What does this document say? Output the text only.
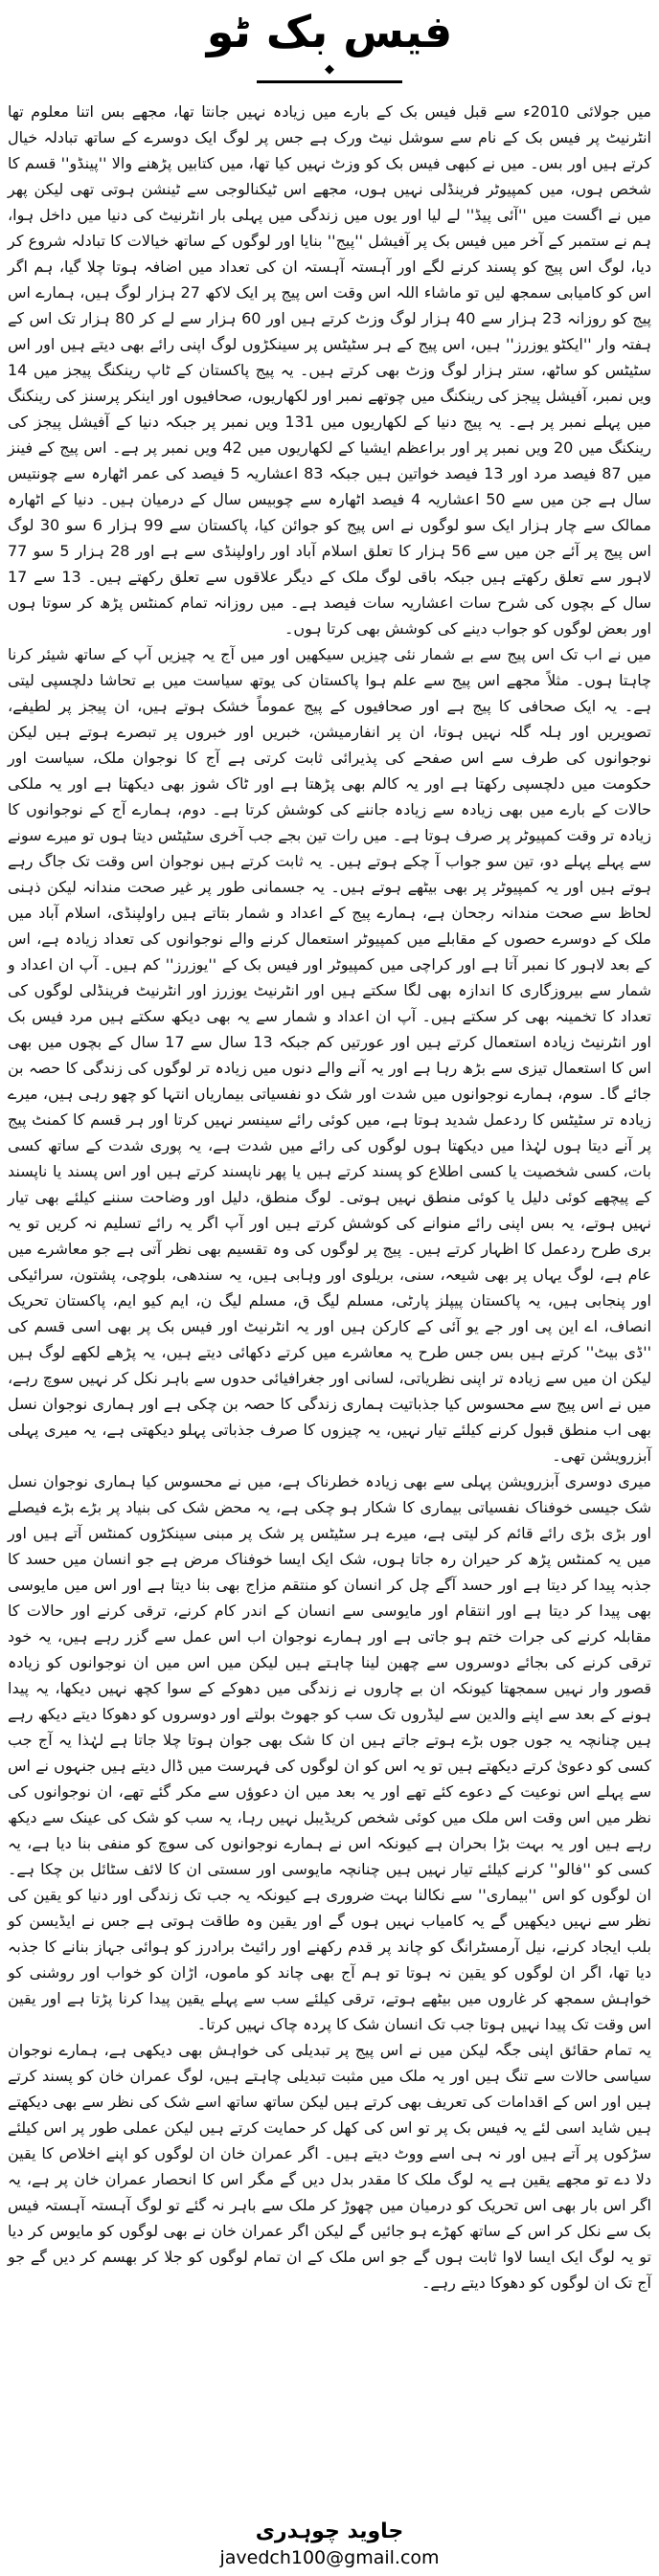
فیس بک ٹو
◆

میں جولائی 2010ء سے قبل فیس بک کے بارے میں زیادہ نہیں جانتا تھا، مجھے بس اتنا معلوم تھا انٹرنیٹ پر فیس بک کے نام سے سوشل نیٹ ورک ہے جس پر لوگ ایک دوسرے کے ساتھ تبادلہ خیال کرتے ہیں اور بس۔ میں نے کبھی فیس بک کو وزٹ نہیں کیا تھا، میں کتابیں پڑھنے والا ''پینڈو'' قسم کا شخص ہوں، میں کمپیوٹر فرینڈلی نہیں ہوں، مجھے اس ٹیکنالوجی سے ٹینشن ہوتی تھی لیکن پھر میں نے اگست میں ''آئی پیڈ'' لے لیا اور یوں میں زندگی میں پہلی بار انٹرنیٹ کی دنیا میں داخل ہوا، ہم نے ستمبر کے آخر میں فیس بک پر آفیشل ''پیج'' بنایا اور لوگوں کے ساتھ خیالات کا تبادلہ شروع کر دیا، لوگ اس پیج کو پسند کرنے لگے اور آہستہ آہستہ ان کی تعداد میں اضافہ ہوتا چلا گیا، ہم اگر اس کو کامیابی سمجھ لیں تو ماشاء اللہ اس وقت اس پیج پر ایک لاکھ 27 ہزار لوگ ہیں، ہمارے اس پیج کو روزانہ 23 ہزار سے 40 ہزار لوگ وزٹ کرتے ہیں اور 60 ہزار سے لے کر 80 ہزار تک اس کے ہفتہ وار ''ایکٹو یوزرز'' ہیں، اس پیج کے ہر سٹیٹس پر سینکڑوں لوگ اپنی رائے بھی دیتے ہیں اور اس سٹیٹس کو ساٹھ، ستر ہزار لوگ وزٹ بھی کرتے ہیں۔ یہ پیج پاکستان کے ٹاپ رینکنگ پیجز میں 14 ویں نمبر، آفیشل پیجز کی رینکنگ میں چوتھے نمبر اور لکھاریوں، صحافیوں اور اینکر پرسنز کی رینکنگ میں پہلے نمبر پر ہے۔ یہ پیج دنیا کے لکھاریوں میں 131 ویں نمبر پر جبکہ دنیا کے آفیشل پیجز کی رینکنگ میں 20 ویں نمبر پر اور براعظم ایشیا کے لکھاریوں میں 42 ویں نمبر پر ہے۔ اس پیج کے فینز میں 87 فیصد مرد اور 13 فیصد خواتین ہیں جبکہ 83 اعشاریہ 5 فیصد کی عمر اٹھارہ سے چونتیس سال ہے جن میں سے 50 اعشاریہ 4 فیصد اٹھارہ سے چوبیس سال کے درمیان ہیں۔ دنیا کے اٹھارہ ممالک سے چار ہزار ایک سو لوگوں نے اس پیج کو جوائن کیا، پاکستان سے 99 ہزار 6 سو 30 لوگ اس پیج پر آئے جن میں سے 56 ہزار کا تعلق اسلام آباد اور راولپنڈی سے ہے اور 28 ہزار 5 سو 77 لاہور سے تعلق رکھتے ہیں جبکہ باقی لوگ ملک کے دیگر علاقوں سے تعلق رکھتے ہیں۔ 13 سے 17 سال کے بچوں کی شرح سات اعشاریہ سات فیصد ہے۔ میں روزانہ تمام کمنٹس پڑھ کر سوتا ہوں اور بعض لوگوں کو جواب دینے کی کوشش بھی کرتا ہوں۔

میں نے اب تک اس پیج سے بے شمار نئی چیزیں سیکھیں اور میں آج یہ چیزیں آپ کے ساتھ شیئر کرنا چاہتا ہوں۔ مثلاً مجھے اس پیج سے علم ہوا پاکستان کی یوتھ سیاست میں بے تحاشا دلچسپی لیتی ہے۔ یہ ایک صحافی کا پیج ہے اور صحافیوں کے پیج عموماً خشک ہوتے ہیں، ان پیجز پر لطیفے، تصویریں اور ہلہ گلہ نہیں ہوتا، ان پر انفارمیشن، خبریں اور خبروں پر تبصرے ہوتے ہیں لیکن نوجوانوں کی طرف سے اس صفحے کی پذیرائی ثابت کرتی ہے آج کا نوجوان ملک، سیاست اور حکومت میں دلچسپی رکھتا ہے اور یہ کالم بھی پڑھتا ہے اور ٹاک شوز بھی دیکھتا ہے اور یہ ملکی حالات کے بارے میں بھی زیادہ سے زیادہ جاننے کی کوشش کرتا ہے۔ دوم، ہمارے آج کے نوجوانوں کا زیادہ تر وقت کمپیوٹر پر صرف ہوتا ہے۔ میں رات تین بجے جب آخری سٹیٹس دیتا ہوں تو میرے سونے سے پہلے پہلے دو، تین سو جواب آ چکے ہوتے ہیں۔ یہ ثابت کرتے ہیں نوجوان اس وقت تک جاگ رہے ہوتے ہیں اور یہ کمپیوٹر پر بھی بیٹھے ہوتے ہیں۔ یہ جسمانی طور پر غیر صحت مندانہ لیکن ذہنی لحاظ سے صحت مندانہ رجحان ہے، ہمارے پیج کے اعداد و شمار بتاتے ہیں راولپنڈی، اسلام آباد میں ملک کے دوسرے حصوں کے مقابلے میں کمپیوٹر استعمال کرنے والے نوجوانوں کی تعداد زیادہ ہے، اس کے بعد لاہور کا نمبر آتا ہے اور کراچی میں کمپیوٹر اور فیس بک کے ''یوزرز'' کم ہیں۔ آپ ان اعداد و شمار سے بیروزگاری کا اندازہ بھی لگا سکتے ہیں اور انٹرنیٹ یوزرز اور انٹرنیٹ فرینڈلی لوگوں کی تعداد کا تخمینہ بھی کر سکتے ہیں۔ آپ ان اعداد و شمار سے یہ بھی دیکھ سکتے ہیں مرد فیس بک اور انٹرنیٹ زیادہ استعمال کرتے ہیں اور عورتیں کم جبکہ 13 سال سے 17 سال کے بچوں میں بھی اس کا استعمال تیزی سے بڑھ رہا ہے اور یہ آنے والے دنوں میں زیادہ تر لوگوں کی زندگی کا حصہ بن جائے گا۔ سوم، ہمارے نوجوانوں میں شدت اور شک دو نفسیاتی بیماریاں انتہا کو چھو رہی ہیں، میرے زیادہ تر سٹیٹس کا ردعمل شدید ہوتا ہے، میں کوئی رائے سینسر نہیں کرتا اور ہر قسم کا کمنٹ پیج پر آنے دیتا ہوں لہٰذا میں دیکھتا ہوں لوگوں کی رائے میں شدت ہے، یہ پوری شدت کے ساتھ کسی بات، کسی شخصیت یا کسی اطلاع کو پسند کرتے ہیں یا پھر ناپسند کرتے ہیں اور اس پسند یا ناپسند کے پیچھے کوئی دلیل یا کوئی منطق نہیں ہوتی۔ لوگ منطق، دلیل اور وضاحت سننے کیلئے بھی تیار نہیں ہوتے، یہ بس اپنی رائے منوانے کی کوشش کرتے ہیں اور آپ اگر یہ رائے تسلیم نہ کریں تو یہ بری طرح ردعمل کا اظہار کرتے ہیں۔ پیج پر لوگوں کی وہ تقسیم بھی نظر آتی ہے جو معاشرے میں عام ہے، لوگ یہاں پر بھی شیعہ، سنی، بریلوی اور وہابی ہیں، یہ سندھی، بلوچی، پشتون، سرائیکی اور پنجابی ہیں، یہ پاکستان پیپلز پارٹی، مسلم لیگ ق، مسلم لیگ ن، ایم کیو ایم، پاکستان تحریک انصاف، اے این پی اور جے یو آئی کے کارکن ہیں اور یہ انٹرنیٹ اور فیس بک پر بھی اسی قسم کی ''ڈی بیٹ'' کرتے ہیں بس جس طرح یہ معاشرے میں کرتے دکھائی دیتے ہیں، یہ پڑھے لکھے لوگ ہیں لیکن ان میں سے زیادہ تر اپنی نظریاتی، لسانی اور جغرافیائی حدوں سے باہر نکل کر نہیں سوچ رہے، میں نے اس پیج سے محسوس کیا جذباتیت ہماری زندگی کا حصہ بن چکی ہے اور ہماری نوجوان نسل بھی اب منطق قبول کرنے کیلئے تیار نہیں، یہ چیزوں کا صرف جذباتی پہلو دیکھتی ہے، یہ میری پہلی آبزرویشن تھی۔

میری دوسری آبزرویشن پہلی سے بھی زیادہ خطرناک ہے، میں نے محسوس کیا ہماری نوجوان نسل شک جیسی خوفناک نفسیاتی بیماری کا شکار ہو چکی ہے، یہ محض شک کی بنیاد پر بڑے بڑے فیصلے اور بڑی بڑی رائے قائم کر لیتی ہے، میرے ہر سٹیٹس پر شک پر مبنی سینکڑوں کمنٹس آتے ہیں اور میں یہ کمنٹس پڑھ کر حیران رہ جاتا ہوں، شک ایک ایسا خوفناک مرض ہے جو انسان میں حسد کا جذبہ پیدا کر دیتا ہے اور حسد آگے چل کر انسان کو منتقم مزاج بھی بنا دیتا ہے اور اس میں مایوسی بھی پیدا کر دیتا ہے اور انتقام اور مایوسی سے انسان کے اندر کام کرنے، ترقی کرنے اور حالات کا مقابلہ کرنے کی جرات ختم ہو جاتی ہے اور ہمارے نوجوان اب اس عمل سے گزر رہے ہیں، یہ خود ترقی کرنے کی بجائے دوسروں سے چھین لینا چاہتے ہیں لیکن میں اس میں ان نوجوانوں کو زیادہ قصور وار نہیں سمجھتا کیونکہ ان بے چاروں نے زندگی میں دھوکے کے سوا کچھ نہیں دیکھا، یہ پیدا ہونے کے بعد سے اپنے والدین سے لیڈروں تک سب کو جھوٹ بولتے اور دوسروں کو دھوکا دیتے دیکھ رہے ہیں چنانچہ یہ جوں جوں بڑے ہوتے جاتے ہیں ان کا شک بھی جوان ہوتا چلا جاتا ہے لہٰذا یہ آج جب کسی کو دعویٰ کرتے دیکھتے ہیں تو یہ اس کو ان لوگوں کی فہرست میں ڈال دیتے ہیں جنہوں نے اس سے پہلے اس نوعیت کے دعوے کئے تھے اور یہ بعد میں ان دعوؤں سے مکر گئے تھے، ان نوجوانوں کی نظر میں اس وقت اس ملک میں کوئی شخص کریڈیبل نہیں رہا، یہ سب کو شک کی عینک سے دیکھ رہے ہیں اور یہ بہت بڑا بحران ہے کیونکہ اس نے ہمارے نوجوانوں کی سوچ کو منفی بنا دیا ہے، یہ کسی کو ''فالو'' کرنے کیلئے تیار نہیں ہیں چنانچہ مایوسی اور سستی ان کا لائف سٹائل بن چکا ہے۔ ان لوگوں کو اس ''بیماری'' سے نکالنا بہت ضروری ہے کیونکہ یہ جب تک زندگی اور دنیا کو یقین کی نظر سے نہیں دیکھیں گے یہ کامیاب نہیں ہوں گے اور یقین وہ طاقت ہوتی ہے جس نے ایڈیسن کو بلب ایجاد کرنے، نیل آرمسٹرانگ کو چاند پر قدم رکھنے اور رائیٹ برادرز کو ہوائی جہاز بنانے کا جذبہ دیا تھا، اگر ان لوگوں کو یقین نہ ہوتا تو ہم آج بھی چاند کو ماموں، اڑان کو خواب اور روشنی کو خواہش سمجھ کر غاروں میں بیٹھے ہوتے، ترقی کیلئے سب سے پہلے یقین پیدا کرنا پڑتا ہے اور یقین اس وقت تک پیدا نہیں ہوتا جب تک انسان شک کا پردہ چاک نہیں کرتا۔

یہ تمام حقائق اپنی جگہ لیکن میں نے اس پیج پر تبدیلی کی خواہش بھی دیکھی ہے، ہمارے نوجوان سیاسی حالات سے تنگ ہیں اور یہ ملک میں مثبت تبدیلی چاہتے ہیں، لوگ عمران خان کو پسند کرتے ہیں اور اس کے اقدامات کی تعریف بھی کرتے ہیں لیکن ساتھ ساتھ اسے شک کی نظر سے بھی دیکھتے ہیں شاید اسی لئے یہ فیس بک پر تو اس کی کھل کر حمایت کرتے ہیں لیکن عملی طور پر اس کیلئے سڑکوں پر آتے ہیں اور نہ ہی اسے ووٹ دیتے ہیں۔ اگر عمران خان ان لوگوں کو اپنے اخلاص کا یقین دلا دے تو مجھے یقین ہے یہ لوگ ملک کا مقدر بدل دیں گے مگر اس کا انحصار عمران خان پر ہے، یہ اگر اس بار بھی اس تحریک کو درمیان میں چھوڑ کر ملک سے باہر نہ گئے تو لوگ آہستہ آہستہ فیس بک سے نکل کر اس کے ساتھ کھڑے ہو جائیں گے لیکن اگر عمران خان نے بھی لوگوں کو مایوس کر دیا تو یہ لوگ ایک ایسا لاوا ثابت ہوں گے جو اس ملک کے ان تمام لوگوں کو جلا کر بھسم کر دیں گے جو آج تک ان لوگوں کو دھوکا دیتے رہے۔

جاوید چوہدری
javedch100@gmail.com
